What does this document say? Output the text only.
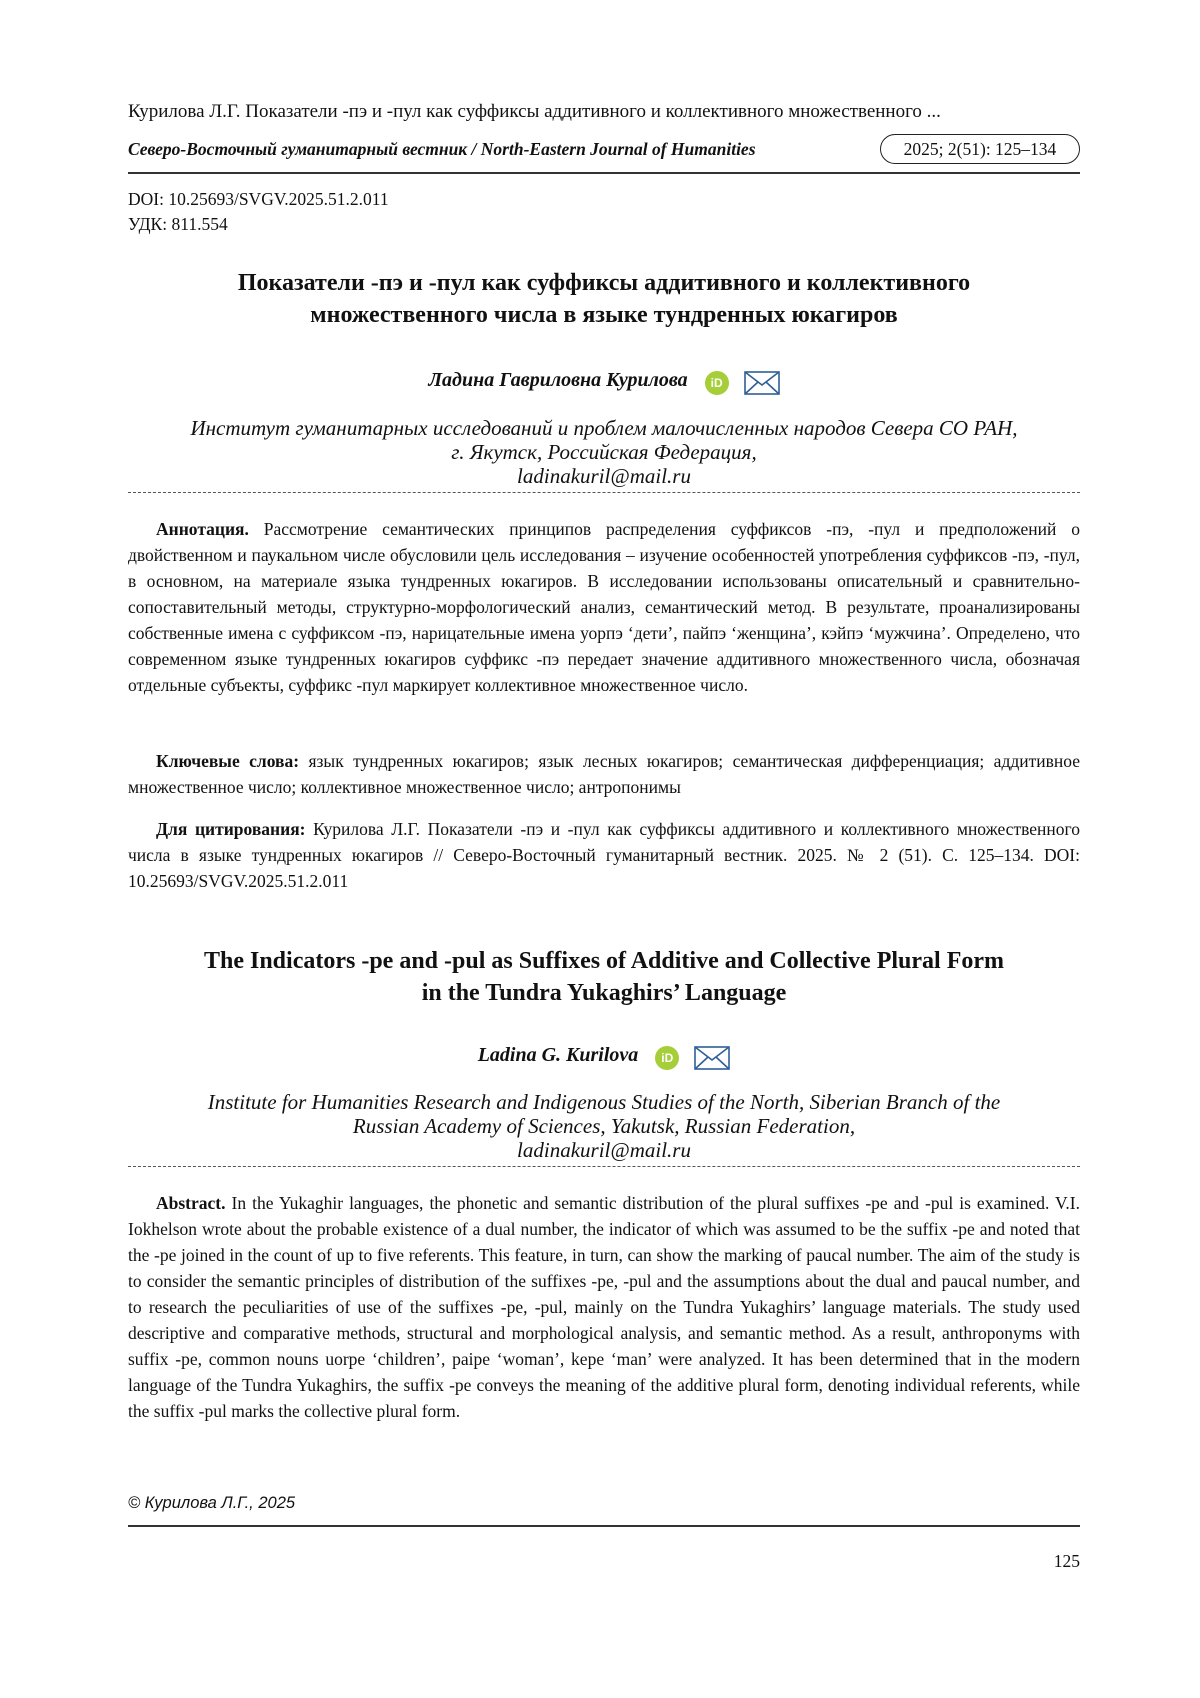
Курилова Л.Г. Показатели -пэ и -пул как суффиксы аддитивного и коллективного множественного ...
Северо-Восточный гуманитарный вестник / North-Eastern Journal of Humanities	2025; 2(51): 125–134
DOI: 10.25693/SVGV.2025.51.2.011
УДК: 811.554
Показатели -пэ и -пул как суффиксы аддитивного и коллективного
множественного числа в языке тундренных юкагиров
Ладина Гавриловна Курилова iD
Институт гуманитарных исследований и проблем малочисленных народов Севера СО РАН,
г. Якутск, Российская Федерация,
ladinakuril@mail.ru
Аннотация. Рассмотрение семантических принципов распределения суффиксов -пэ, -пул и предположений о двойственном и паукальном числе обусловили цель исследования – изучение особенностей употребления суффиксов -пэ, -пул, в основном, на материале языка тундренных юкагиров. В исследовании использованы описательный и сравнительно-сопоставительный методы, структурно-морфологический анализ, семантический метод. В результате, проанализированы собственные имена с суффиксом -пэ, нарицательные имена уорпэ ‘дети’, пайпэ ‘женщина’, кэйпэ ‘мужчина’. Определено, что современном языке тундренных юкагиров суффикс -пэ передает значение аддитивного множественного числа, обозначая отдельные субъекты, суффикс -пул маркирует коллективное множественное число.
Ключевые слова: язык тундренных юкагиров; язык лесных юкагиров; семантическая дифференциация; аддитивное множественное число; коллективное множественное число; антропонимы
Для цитирования: Курилова Л.Г. Показатели -пэ и -пул как суффиксы аддитивного и коллективного множественного числа в языке тундренных юкагиров // Северо-Восточный гуманитарный вестник. 2025. № 2 (51). С. 125–134. DOI: 10.25693/SVGV.2025.51.2.011
The Indicators -pe and -pul as Suffixes of Additive and Collective Plural Form
in the Tundra Yukaghirs’ Language
Ladina G. Kurilova iD
Institute for Humanities Research and Indigenous Studies of the North, Siberian Branch of the
Russian Academy of Sciences, Yakutsk, Russian Federation,
ladinakuril@mail.ru
Abstract. In the Yukaghir languages, the phonetic and semantic distribution of the plural suffixes -pe and -pul is examined. V.I. Iokhelson wrote about the probable existence of a dual number, the indicator of which was assumed to be the suffix -pe and noted that the -pe joined in the count of up to five referents. This feature, in turn, can show the marking of paucal number. The aim of the study is to consider the semantic principles of distribution of the suffixes -pe, -pul and the assumptions about the dual and paucal number, and to research the peculiarities of use of the suffixes -pe, -pul, mainly on the Tundra Yukaghirs’ language materials. The study used descriptive and comparative methods, structural and morphological analysis, and semantic method. As a result, anthroponyms with suffix -pe, common nouns uorpe ‘children’, paipe ‘woman’, kepe ‘man’ were analyzed. It has been determined that in the modern language of the Tundra Yukaghirs, the suffix -pe conveys the meaning of the additive plural form, denoting individual referents, while the suffix -pul marks the collective plural form.
© Курилова Л.Г., 2025
125
